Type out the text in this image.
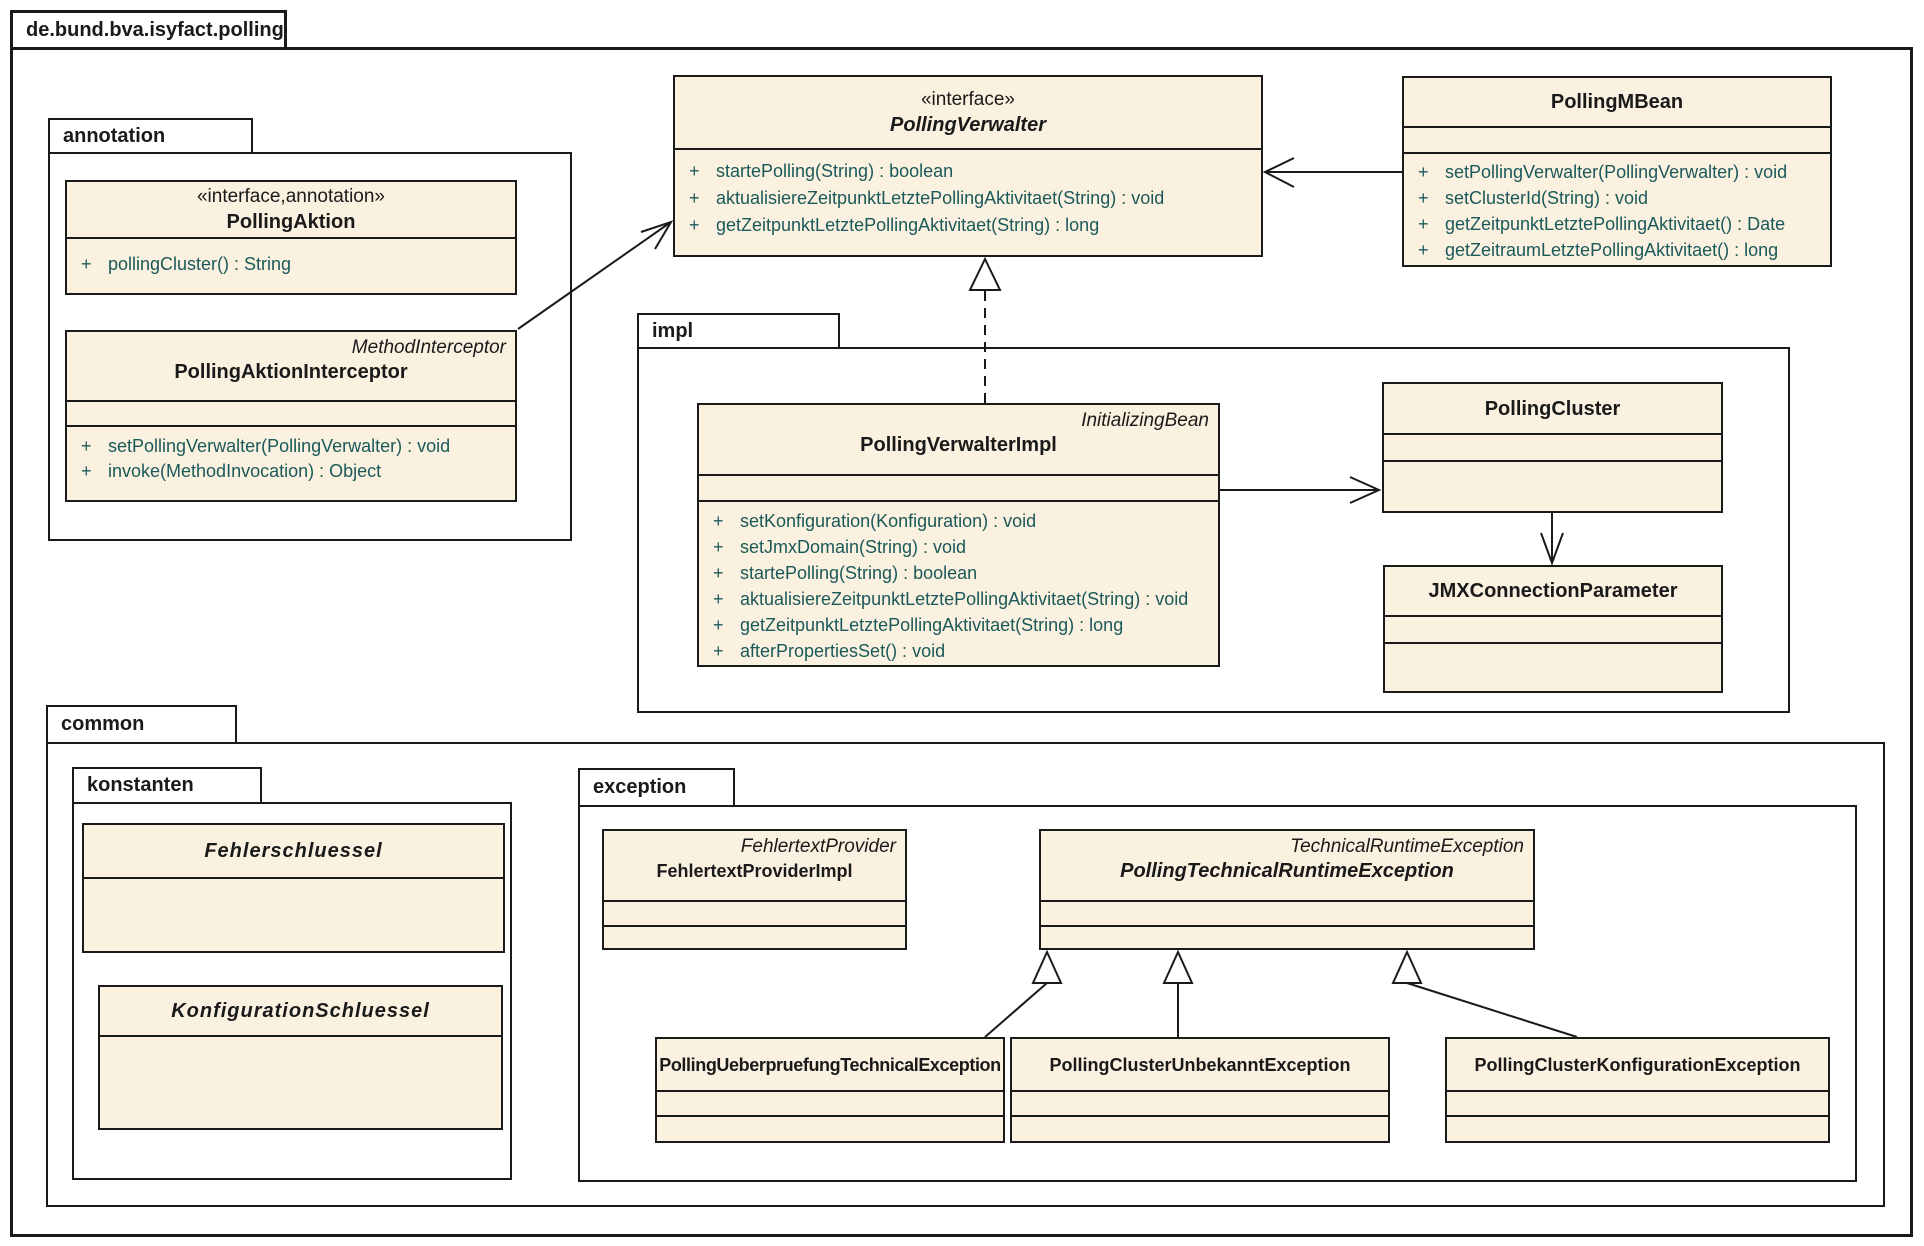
de.bund.bva.isyfact.polling
annotation
impl
common
konstanten	exception
«interface»
PollingVerwalter
+ startePolling(String) : boolean
+ aktualisiereZeitpunktLetztePollingAktivitaet(String) : void
+ getZeitpunktLetztePollingAktivitaet(String) : long
PollingMBean
+ setPollingVerwalter(PollingVerwalter) : void
+ setClusterId(String) : void
+ getZeitpunktLetztePollingAktivitaet() : Date
+ getZeitraumLetztePollingAktivitaet() : long
«interface,annotation»
PollingAktion
+ pollingCluster() : String
MethodInterceptor
PollingAktionInterceptor
+ setPollingVerwalter(PollingVerwalter) : void
+ invoke(MethodInvocation) : Object
InitializingBean
PollingVerwalterImpl
+ setKonfiguration(Konfiguration) : void
+ setJmxDomain(String) : void
+ startePolling(String) : boolean
+ aktualisiereZeitpunktLetztePollingAktivitaet(String) : void
+ getZeitpunktLetztePollingAktivitaet(String) : long
+ afterPropertiesSet() : void
PollingCluster
JMXConnectionParameter
Fehlerschluessel
KonfigurationSchluessel
FehlertextProvider
FehlertextProviderImpl
TechnicalRuntimeException
PollingTechnicalRuntimeException
PollingUeberpruefungTechnicalException	PollingClusterUnbekanntException	PollingClusterKonfigurationException
